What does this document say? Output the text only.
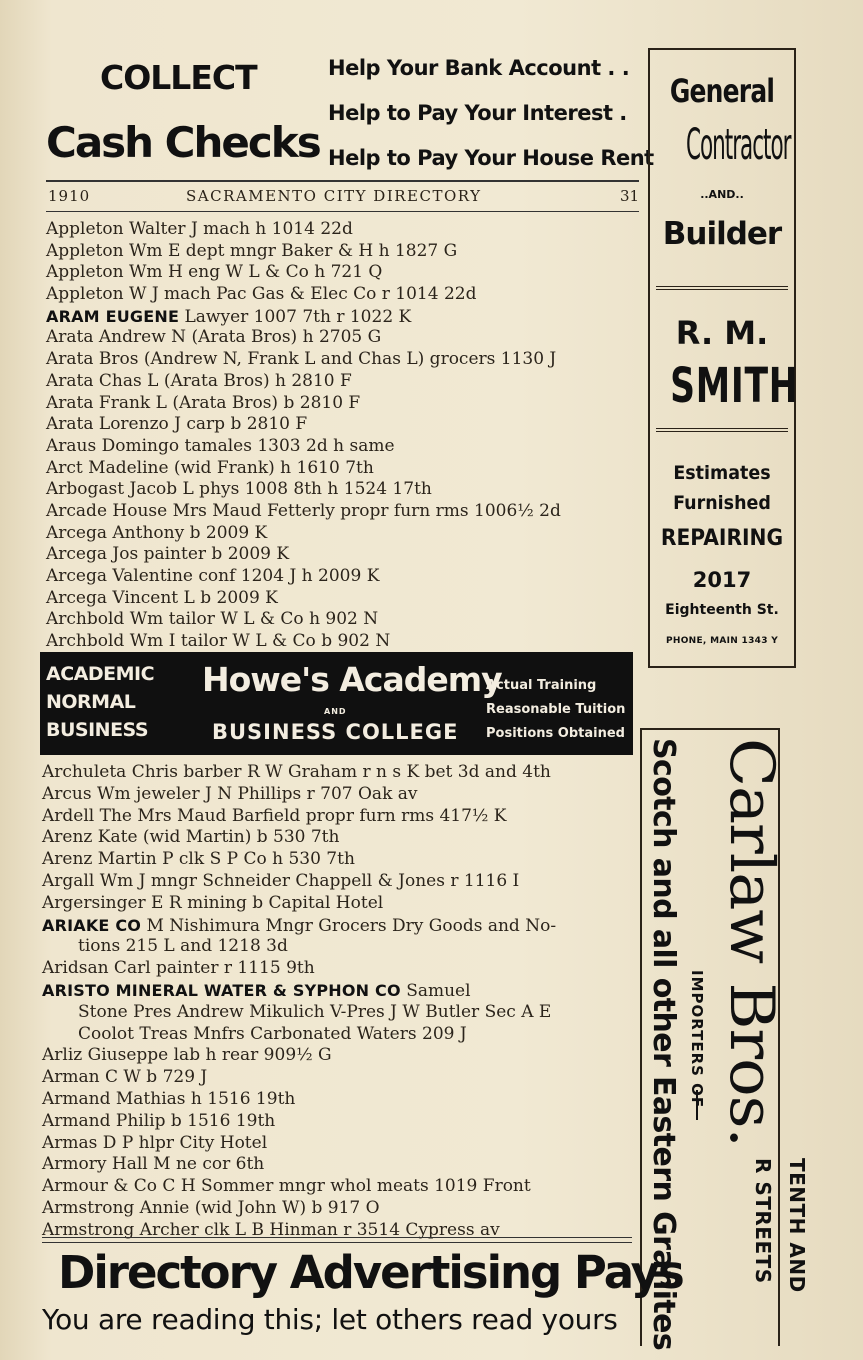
COLLECT
Cash Checks
Help Your Bank Account . .
Help to Pay Your Interest .
Help to Pay Your House Rent
1910	SACRAMENTO CITY DIRECTORY	31
Appleton Walter J mach h 1014 22d
Appleton Wm E dept mngr Baker & H h 1827 G
Appleton Wm H eng W L & Co h 721 Q
Appleton W J mach Pac Gas & Elec Co r 1014 22d
ARAM EUGENE Lawyer 1007 7th r 1022 K
Arata Andrew N (Arata Bros) h 2705 G
Arata Bros (Andrew N, Frank L and Chas L) grocers 1130 J
Arata Chas L (Arata Bros) h 2810 F
Arata Frank L (Arata Bros) b 2810 F
Arata Lorenzo J carp b 2810 F
Araus Domingo tamales 1303 2d h same
Arct Madeline (wid Frank) h 1610 7th
Arbogast Jacob L phys 1008 8th h 1524 17th
Arcade House Mrs Maud Fetterly propr furn rms 1006½ 2d
Arcega Anthony b 2009 K
Arcega Jos painter b 2009 K
Arcega Valentine conf 1204 J h 2009 K
Arcega Vincent L b 2009 K
Archbold Wm tailor W L & Co h 902 N
Archbold Wm I tailor W L & Co b 902 N
ACADEMIC
NORMAL
BUSINESS
Howe's Academy
AND
BUSINESS COLLEGE
Actual Training
Reasonable Tuition
Positions Obtained
Archuleta Chris barber R W Graham r n s K bet 3d and 4th
Arcus Wm jeweler J N Phillips r 707 Oak av
Ardell The Mrs Maud Barfield propr furn rms 417½ K
Arenz Kate (wid Martin) b 530 7th
Arenz Martin P clk S P Co h 530 7th
Argall Wm J mngr Schneider Chappell & Jones r 1116 I
Argersinger E R mining b Capital Hotel
ARIAKE CO M Nishimura Mngr Grocers Dry Goods and No-
tions 215 L and 1218 3d
Aridsan Carl painter r 1115 9th
ARISTO MINERAL WATER & SYPHON CO Samuel
Stone Pres Andrew Mikulich V-Pres J W Butler Sec A E
Coolot Treas Mnfrs Carbonated Waters 209 J
Arliz Giuseppe lab h rear 909½ G
Arman C W b 729 J
Armand Mathias h 1516 19th
Armand Philip b 1516 19th
Armas D P hlpr City Hotel
Armory Hall M ne cor 6th
Armour & Co C H Sommer mngr whol meats 1019 Front
Armstrong Annie (wid John W) b 917 O
Armstrong Archer clk L B Hinman r 3514 Cypress av
General
Contractor
..AND..
Builder
R. M.
SMITH
Estimates
Furnished
REPAIRING
2017
Eighteenth St.
PHONE, MAIN 1343 Y
Carlaw Bros.
Scotch and all other Eastern Granites IMPORTERS OF
TENTH AND
R STREETS
Directory Advertising Pays
You are reading this; let others read yours
